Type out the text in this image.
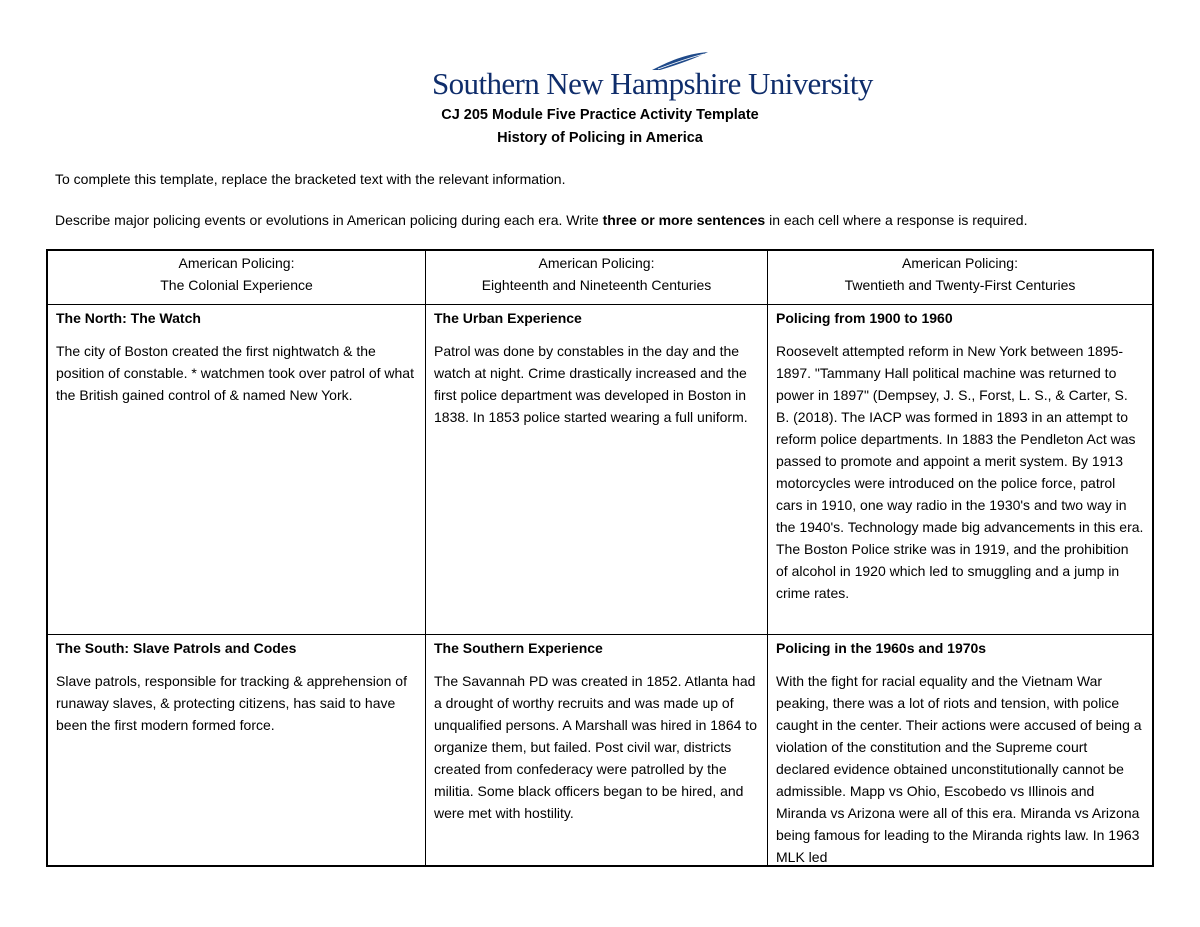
Southern New Hampshire University
CJ 205 Module Five Practice Activity Template
History of Policing in America
To complete this template, replace the bracketed text with the relevant information.
Describe major policing events or evolutions in American policing during each era. Write three or more sentences in each cell where a response is required.
American Policing:
The Colonial Experience
American Policing:
Eighteenth and Nineteenth Centuries
American Policing:
Twentieth and Twenty-First Centuries
The North: The Watch
The city of Boston created the first nightwatch & the position of constable. * watchmen took over patrol of what the British gained control of & named New York.
The Urban Experience
Patrol was done by constables in the day and the watch at night. Crime drastically increased and the first police department was developed in Boston in 1838. In 1853 police started wearing a full uniform.
Policing from 1900 to 1960
Roosevelt attempted reform in New York between 1895-1897. "Tammany Hall political machine was returned to power in 1897" (Dempsey, J. S., Forst, L. S., & Carter, S. B. (2018). The IACP was formed in 1893 in an attempt to reform police departments. In 1883 the Pendleton Act was passed to promote and appoint a merit system. By 1913 motorcycles were introduced on the police force, patrol cars in 1910, one way radio in the 1930's and two way in the 1940's. Technology made big advancements in this era. The Boston Police strike was in 1919, and the prohibition of alcohol in 1920 which led to smuggling and a jump in crime rates.
The South: Slave Patrols and Codes
Slave patrols, responsible for tracking & apprehension of runaway slaves, & protecting citizens, has said to have been the first modern formed force.
The Southern Experience
The Savannah PD was created in 1852. Atlanta had a drought of worthy recruits and was made up of unqualified persons. A Marshall was hired in 1864 to organize them, but failed. Post civil war, districts created from confederacy were patrolled by the militia. Some black officers began to be hired, and were met with hostility.
Policing in the 1960s and 1970s
With the fight for racial equality and the Vietnam War peaking, there was a lot of riots and tension, with police caught in the center. Their actions were accused of being a violation of the constitution and the Supreme court declared evidence obtained unconstitutionally cannot be admissible. Mapp vs Ohio, Escobedo vs Illinois and Miranda vs Arizona were all of this era. Miranda vs Arizona being famous for leading to the Miranda rights law. In 1963 MLK led
